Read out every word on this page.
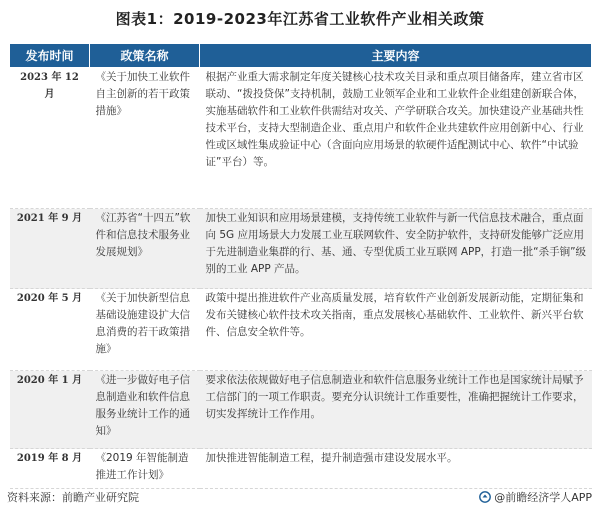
图表1：2019-2023年江苏省工业软件产业相关政策
发布时间	政策名称	主要内容
2023 年 12 月	《关于加快工业软件自主创新的若干政策措施》	根据产业重大需求制定年度关键核心技术攻关目录和重点项目储备库，建立省市区联动、“拨投贷保”支持机制，鼓励工业领军企业和工业软件企业组建创新联合体，实施基础软件和工业软件供需结对攻关、产学研联合攻关。加快建设产业基础共性技术平台，支持大型制造企业、重点用户和软件企业共建软件应用创新中心、行业性或区域性集成验证中心（含面向应用场景的软硬件适配测试中心、软件“中试验证”平台）等。
2021 年 9 月	《江苏省“十四五”软件和信息技术服务业发展规划》	加快工业知识和应用场景建模，支持传统工业软件与新一代信息技术融合，重点面向 5G 应用场景大力发展工业互联网软件、安全防护软件，支持研发能够广泛应用于先进制造业集群的行、基、通、专型优质工业互联网 APP，打造一批“杀手锏”级别的工业 APP 产品。
2020 年 5 月	《关于加快新型信息基础设施建设扩大信息消费的若干政策措施》	政策中提出推进软件产业高质量发展，培育软件产业创新发展新动能，定期征集和发布关键核心软件技术攻关指南，重点发展核心基础软件、工业软件、新兴平台软件、信息安全软件等。
2020 年 1 月	《进一步做好电子信息制造业和软件信息服务业统计工作的通知》	要求依法依规做好电子信息制造业和软件信息服务业统计工作也是国家统计局赋予工信部门的一项工作职责。要充分认识统计工作重要性，准确把握统计工作要求，切实发挥统计工作作用。
2019 年 8 月	《2019 年智能制造推进工作计划》	加快推进智能制造工程，提升制造强市建设发展水平。
资料来源：前瞻产业研究院	@前瞻经济学人APP
